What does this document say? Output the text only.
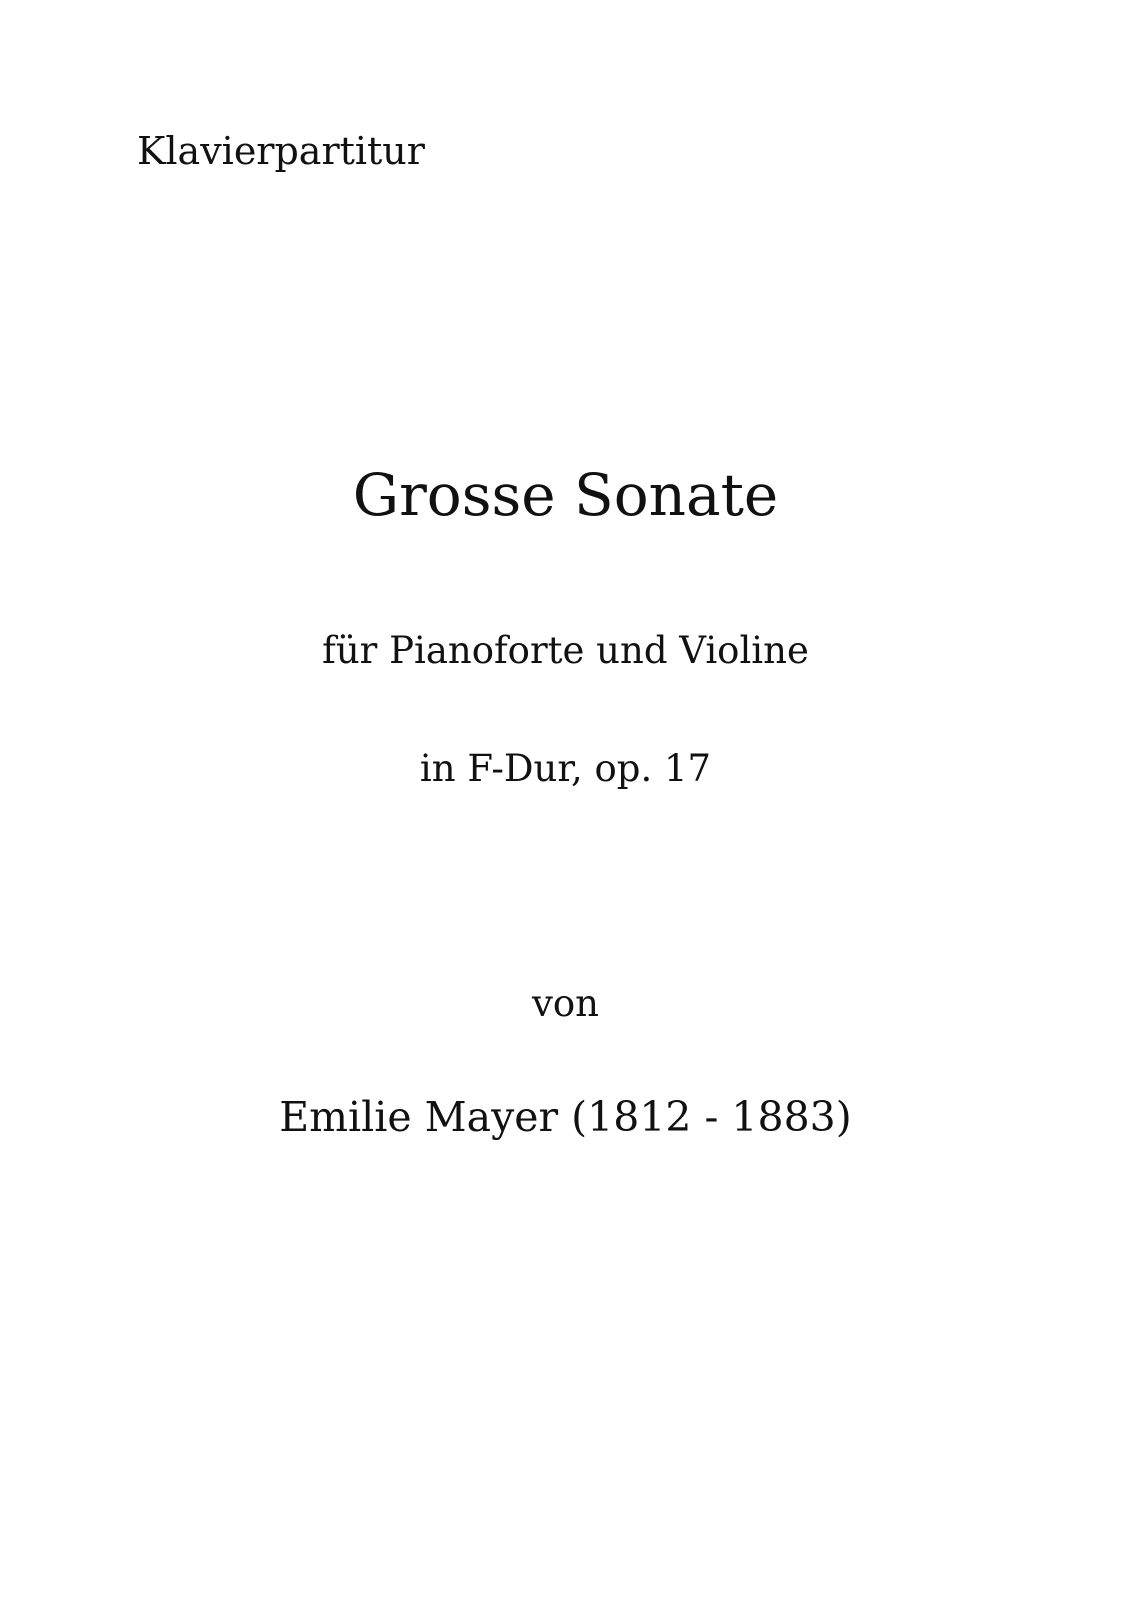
Klavierpartitur
Grosse Sonate
für Pianoforte und Violine
in F-Dur, op. 17
von
Emilie Mayer (1812 - 1883)
